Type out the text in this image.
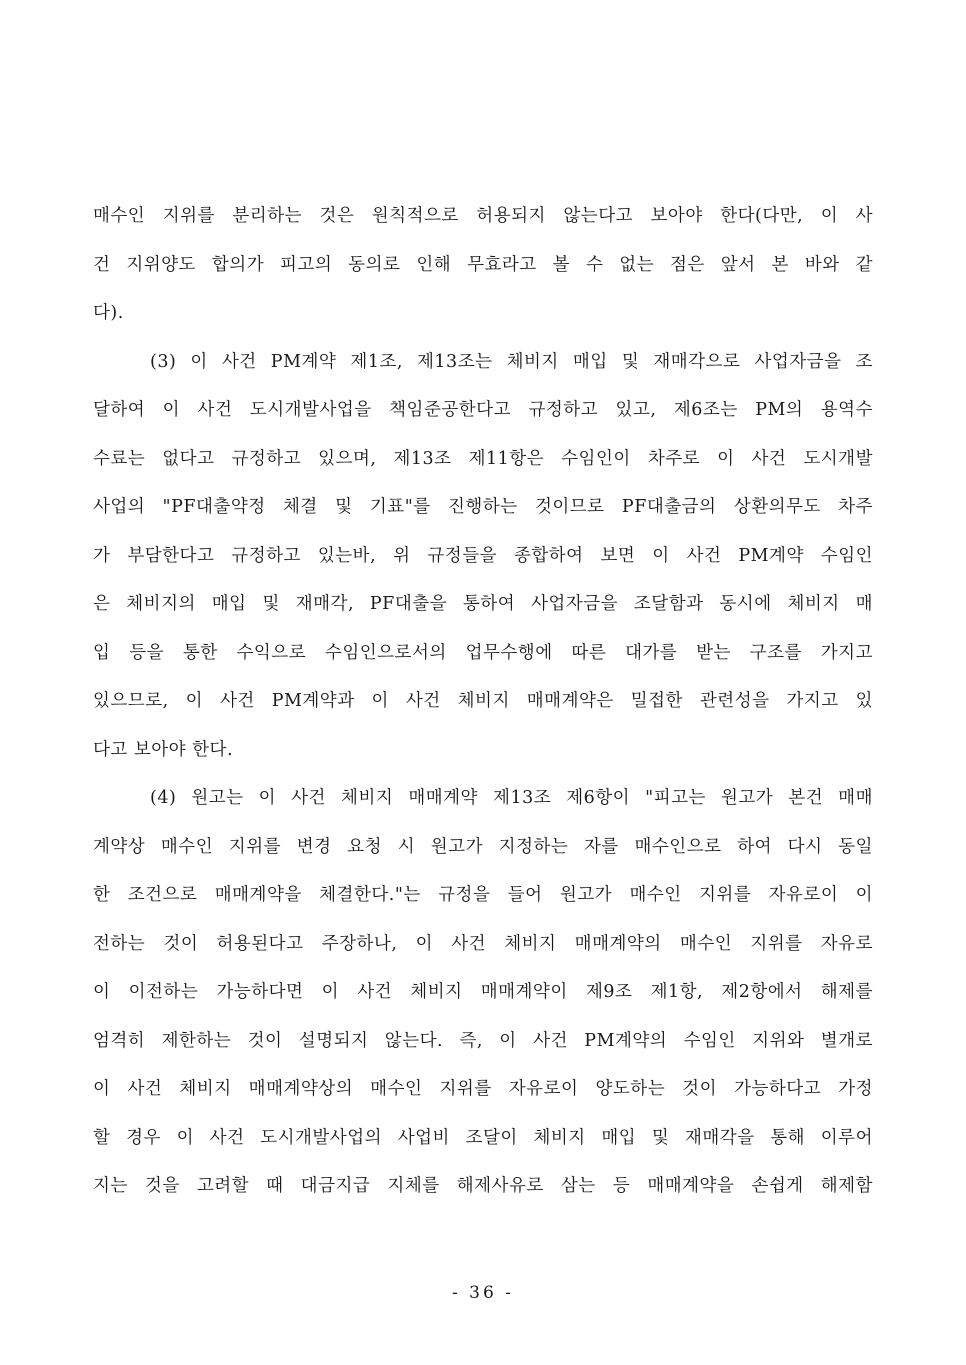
매수인 지위를 분리하는 것은 원칙적으로 허용되지 않는다고 보아야 한다(다만, 이 사
건 지위양도 합의가 피고의 동의로 인해 무효라고 볼 수 없는 점은 앞서 본 바와 같
다).
(3) 이 사건 PM계약 제1조, 제13조는 체비지 매입 및 재매각으로 사업자금을 조
달하여 이 사건 도시개발사업을 책임준공한다고 규정하고 있고, 제6조는 PM의 용역수
수료는 없다고 규정하고 있으며, 제13조 제11항은 수임인이 차주로 이 사건 도시개발
사업의 "PF대출약정 체결 및 기표"를 진행하는 것이므로 PF대출금의 상환의무도 차주
가 부담한다고 규정하고 있는바, 위 규정들을 종합하여 보면 이 사건 PM계약 수임인
은 체비지의 매입 및 재매각, PF대출을 통하여 사업자금을 조달함과 동시에 체비지 매
입 등을 통한 수익으로 수임인으로서의 업무수행에 따른 대가를 받는 구조를 가지고
있으므로, 이 사건 PM계약과 이 사건 체비지 매매계약은 밀접한 관련성을 가지고 있
다고 보아야 한다.
(4) 원고는 이 사건 체비지 매매계약 제13조 제6항이 "피고는 원고가 본건 매매
계약상 매수인 지위를 변경 요청 시 원고가 지정하는 자를 매수인으로 하여 다시 동일
한 조건으로 매매계약을 체결한다."는 규정을 들어 원고가 매수인 지위를 자유로이 이
전하는 것이 허용된다고 주장하나, 이 사건 체비지 매매계약의 매수인 지위를 자유로
이 이전하는 가능하다면 이 사건 체비지 매매계약이 제9조 제1항, 제2항에서 해제를
엄격히 제한하는 것이 설명되지 않는다. 즉, 이 사건 PM계약의 수임인 지위와 별개로
이 사건 체비지 매매계약상의 매수인 지위를 자유로이 양도하는 것이 가능하다고 가정
할 경우 이 사건 도시개발사업의 사업비 조달이 체비지 매입 및 재매각을 통해 이루어
지는 것을 고려할 때 대금지급 지체를 해제사유로 삼는 등 매매계약을 손쉽게 해제함
- 36 -
